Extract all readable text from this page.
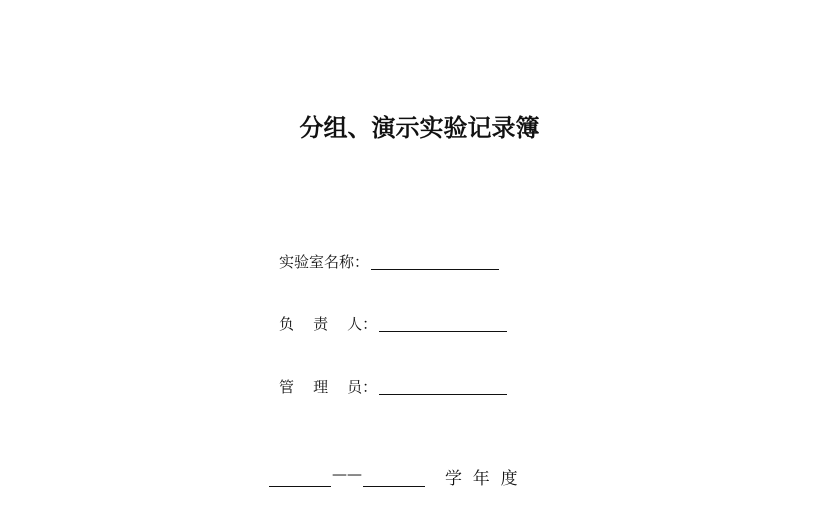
分组、演示实验记录簿
实验室名称：
负    责    人：
管    理    员：
——	学  年  度
